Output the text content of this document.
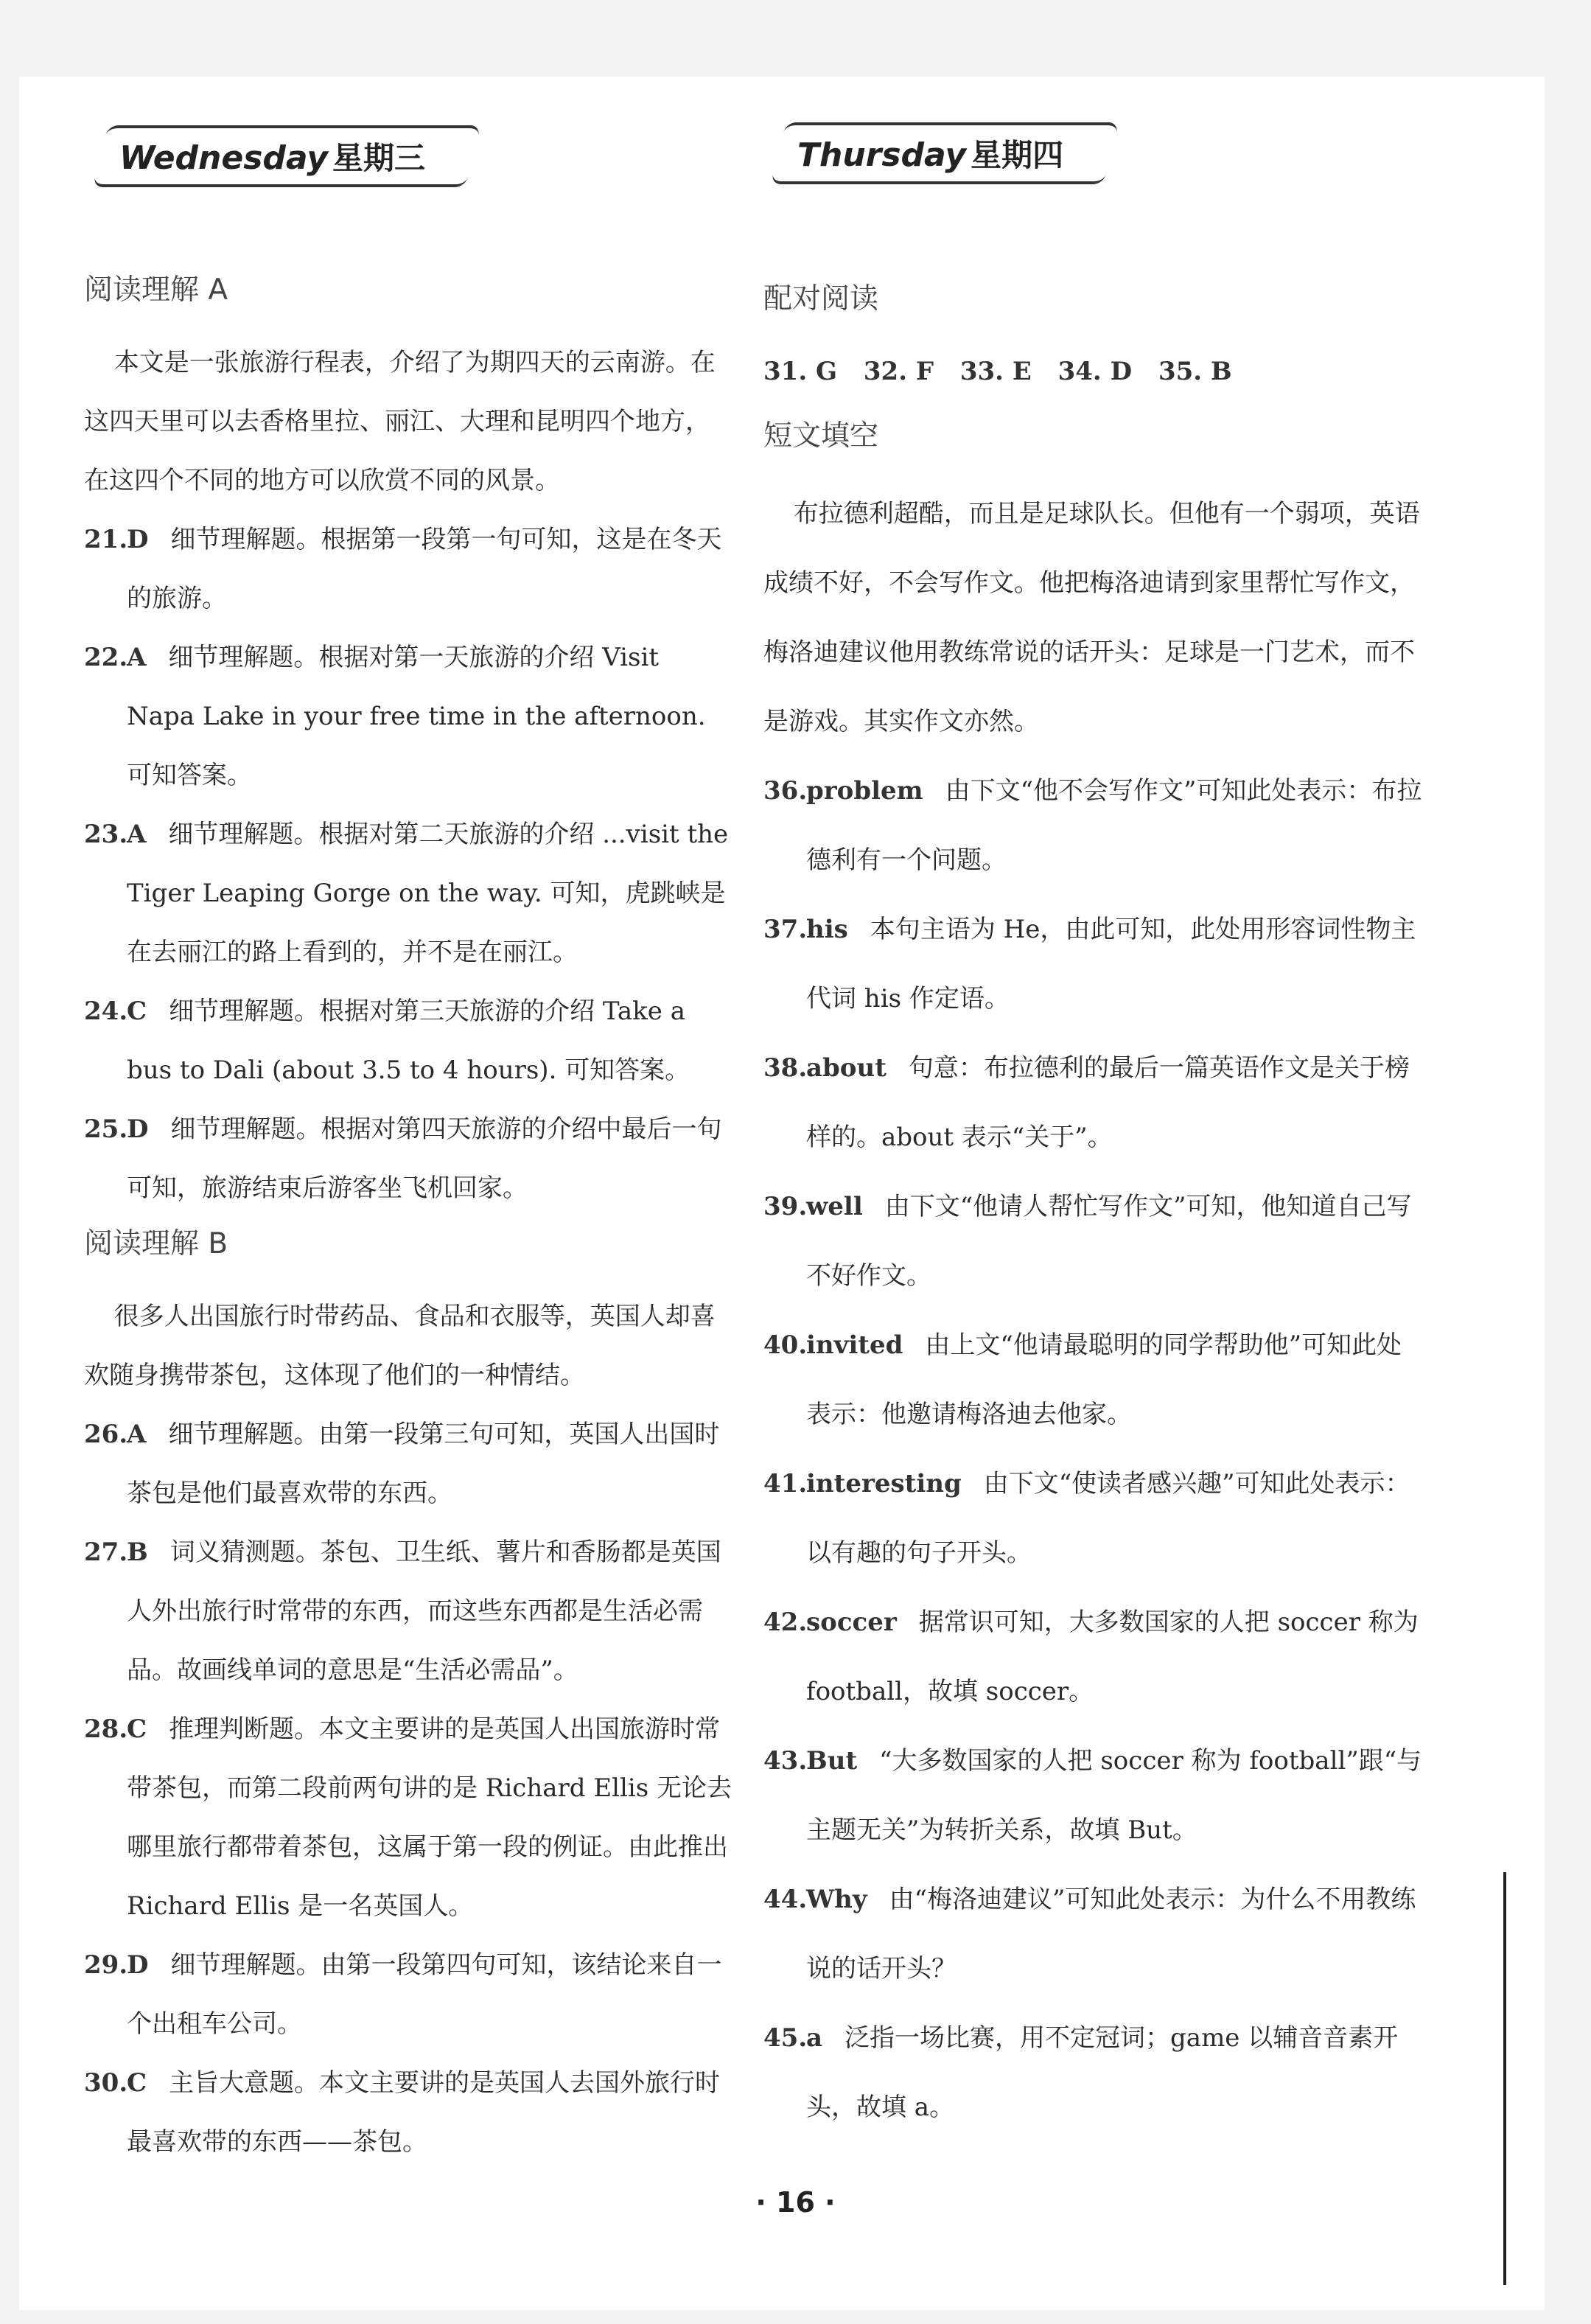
Wednesday 星期三	Thursday 星期四
阅读理解 A

本文是一张旅游行程表，介绍了为期四天的云南游。在这四天里可以去香格里拉、丽江、大理和昆明四个地方，在这四个不同的地方可以欣赏不同的风景。

21.
D 细节理解题。根据第一段第一句可知，这是在冬天的旅游。

22.
A 细节理解题。根据对第一天旅游的介绍 Visit Napa Lake in your free time in the afternoon. 可知答案。

23.
A 细节理解题。根据对第二天旅游的介绍 ...visit the Tiger Leaping Gorge on the way. 可知，虎跳峡是在去丽江的路上看到的，并不是在丽江。

24.
C 细节理解题。根据对第三天旅游的介绍 Take a bus to Dali (about 3.5 to 4 hours). 可知答案。

25.
D 细节理解题。根据对第四天旅游的介绍中最后一句可知，旅游结束后游客坐飞机回家。

阅读理解 B

很多人出国旅行时带药品、食品和衣服等，英国人却喜欢随身携带茶包，这体现了他们的一种情结。

26.
A 细节理解题。由第一段第三句可知，英国人出国时茶包是他们最喜欢带的东西。

27.
B 词义猜测题。茶包、卫生纸、薯片和香肠都是英国人外出旅行时常带的东西，而这些东西都是生活必需品。故画线单词的意思是“生活必需品”。

28.
C 推理判断题。本文主要讲的是英国人出国旅游时常带茶包，而第二段前两句讲的是 Richard Ellis 无论去哪里旅行都带着茶包，这属于第一段的例证。由此推出 Richard Ellis 是一名英国人。

29.
D 细节理解题。由第一段第四句可知，该结论来自一个出租车公司。

30.
C 主旨大意题。本文主要讲的是英国人去国外旅行时最喜欢带的东西——茶包。

配对阅读
31. G 32. F 33. E 34. D 35. B
短文填空

布拉德利超酷，而且是足球队长。但他有一个弱项，英语成绩不好，不会写作文。他把梅洛迪请到家里帮忙写作文，梅洛迪建议他用教练常说的话开头：足球是一门艺术，而不是游戏。其实作文亦然。

36.
problem 由下文“他不会写作文”可知此处表示：布拉德利有一个问题。

37.
his 本句主语为 He，由此可知，此处用形容词性物主代词 his 作定语。

38.
about 句意：布拉德利的最后一篇英语作文是关于榜样的。about 表示“关于”。

39.
well 由下文“他请人帮忙写作文”可知，他知道自己写不好作文。

40.
invited 由上文“他请最聪明的同学帮助他”可知此处表示：他邀请梅洛迪去他家。

41.
interesting 由下文“使读者感兴趣”可知此处表示：以有趣的句子开头。

42.
soccer 据常识可知，大多数国家的人把 soccer 称为 football，故填 soccer。

43.
But “大多数国家的人把 soccer 称为 football”跟“与主题无关”为转折关系，故填 But。

44.
Why 由“梅洛迪建议”可知此处表示：为什么不用教练说的话开头？

45.
a 泛指一场比赛，用不定冠词；game 以辅音音素开头，故填 a。

· 16 ·
